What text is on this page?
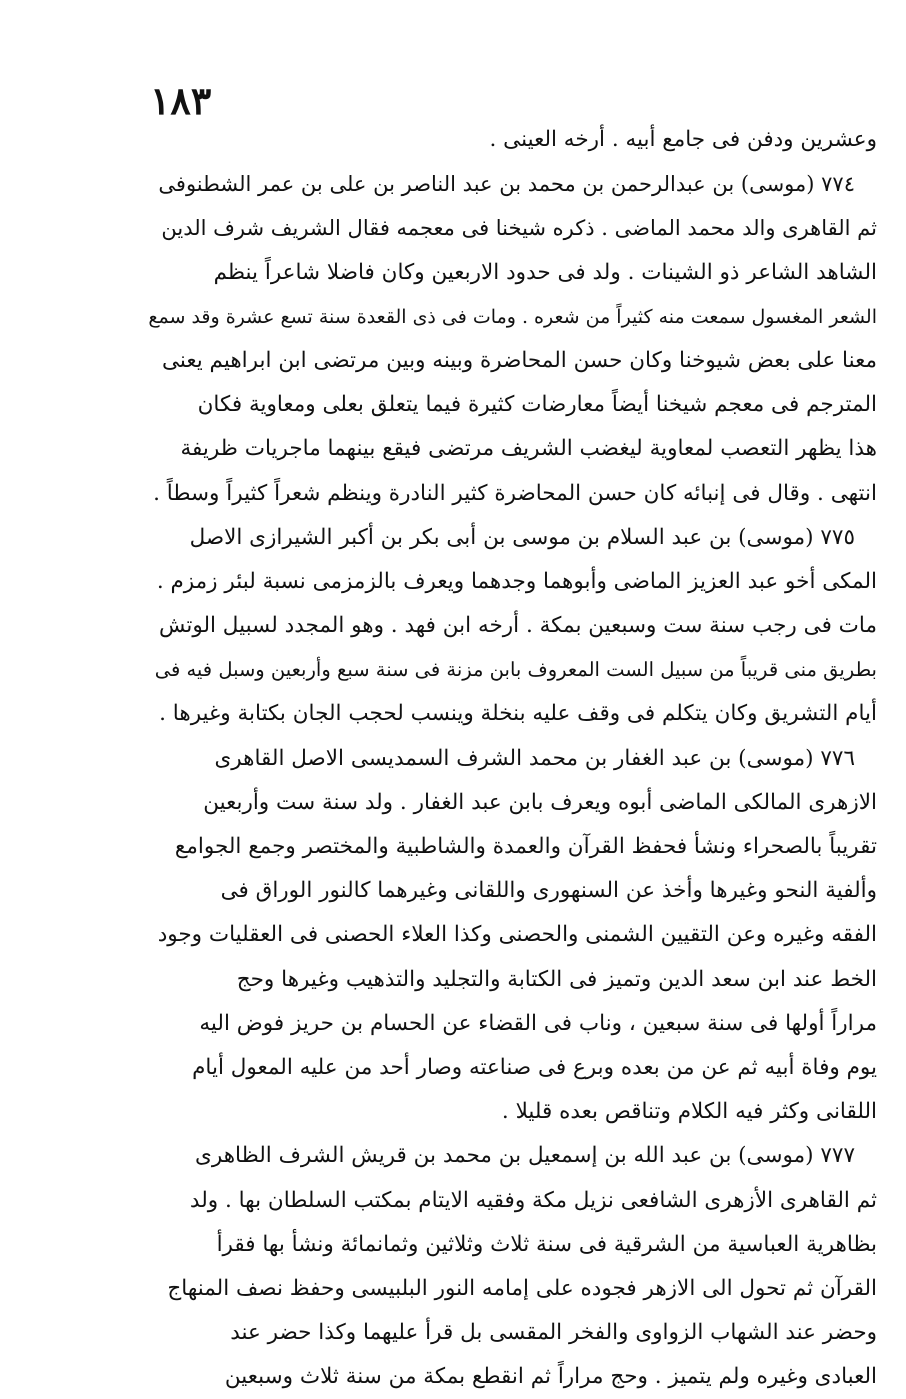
١٨٣
وعشرين ودفن فى جامع أبيه . أرخه العينى .
٧٧٤ (موسى) بن عبدالرحمن بن محمد بن عبد الناصر بن على بن عمر الشطنوفى
ثم القاهرى والد محمد الماضى . ذكره شيخنا فى معجمه فقال الشريف شرف الدين
الشاهد الشاعر ذو الشينات . ولد فى حدود الاربعين وكان فاضلا شاعراً ينظم
الشعر المغسول سمعت منه كثيراً من شعره . ومات فى ذى القعدة سنة تسع عشرة وقد سمع
معنا على بعض شيوخنا وكان حسن المحاضرة وبينه وبين مرتضى ابن ابراهيم يعنى
المترجم فى معجم شيخنا أيضاً معارضات كثيرة فيما يتعلق بعلى ومعاوية فكان
هذا يظهر التعصب لمعاوية ليغضب الشريف مرتضى فيقع بينهما ماجريات ظريفة
انتهى . وقال فى إنبائه كان حسن المحاضرة كثير النادرة وينظم شعراً كثيراً وسطاً .
٧٧٥ (موسى) بن عبد السلام بن موسى بن أبى بكر بن أكبر الشيرازى الاصل
المكى أخو عبد العزيز الماضى وأبوهما وجدهما ويعرف بالزمزمى نسبة لبئر زمزم .
مات فى رجب سنة ست وسبعين بمكة . أرخه ابن فهد . وهو المجدد لسبيل الوتش
بطريق منى قريباً من سبيل الست المعروف بابن مزنة فى سنة سبع وأربعين وسبل فيه فى
أيام التشريق وكان يتكلم فى وقف عليه بنخلة وينسب لحجب الجان بكتابة وغيرها .
٧٧٦ (موسى) بن عبد الغفار بن محمد الشرف السمديسى الاصل القاهرى
الازهرى المالكى الماضى أبوه ويعرف بابن عبد الغفار . ولد سنة ست وأربعين
تقريباً بالصحراء ونشأ فحفظ القرآن والعمدة والشاطبية والمختصر وجمع الجوامع
وألفية النحو وغيرها وأخذ عن السنهورى واللقانى وغيرهما كالنور الوراق فى
الفقه وغيره وعن التقيين الشمنى والحصنى وكذا العلاء الحصنى فى العقليات وجود
الخط عند ابن سعد الدين وتميز فى الكتابة والتجليد والتذهيب وغيرها وحج
مراراً أولها فى سنة سبعين ، وناب فى القضاء عن الحسام بن حريز فوض اليه
يوم وفاة أبيه ثم عن من بعده وبرع فى صناعته وصار أحد من عليه المعول أيام
اللقانى وكثر فيه الكلام وتناقص بعده قليلا .
٧٧٧ (موسى) بن عبد الله بن إسمعيل بن محمد بن قريش الشرف الظاهرى
ثم القاهرى الأزهرى الشافعى نزيل مكة وفقيه الايتام بمكتب السلطان بها . ولد
بظاهرية العباسية من الشرقية فى سنة ثلاث وثلاثين وثمانمائة ونشأ بها فقرأ
القرآن ثم تحول الى الازهر فجوده على إمامه النور البلبيسى وحفظ نصف المنهاج
وحضر عند الشهاب الزواوى والفخر المقسى بل قرأ عليهما وكذا حضر عند
العبادى وغيره ولم يتميز . وحج مراراً ثم انقطع بمكة من سنة ثلاث وسبعين
